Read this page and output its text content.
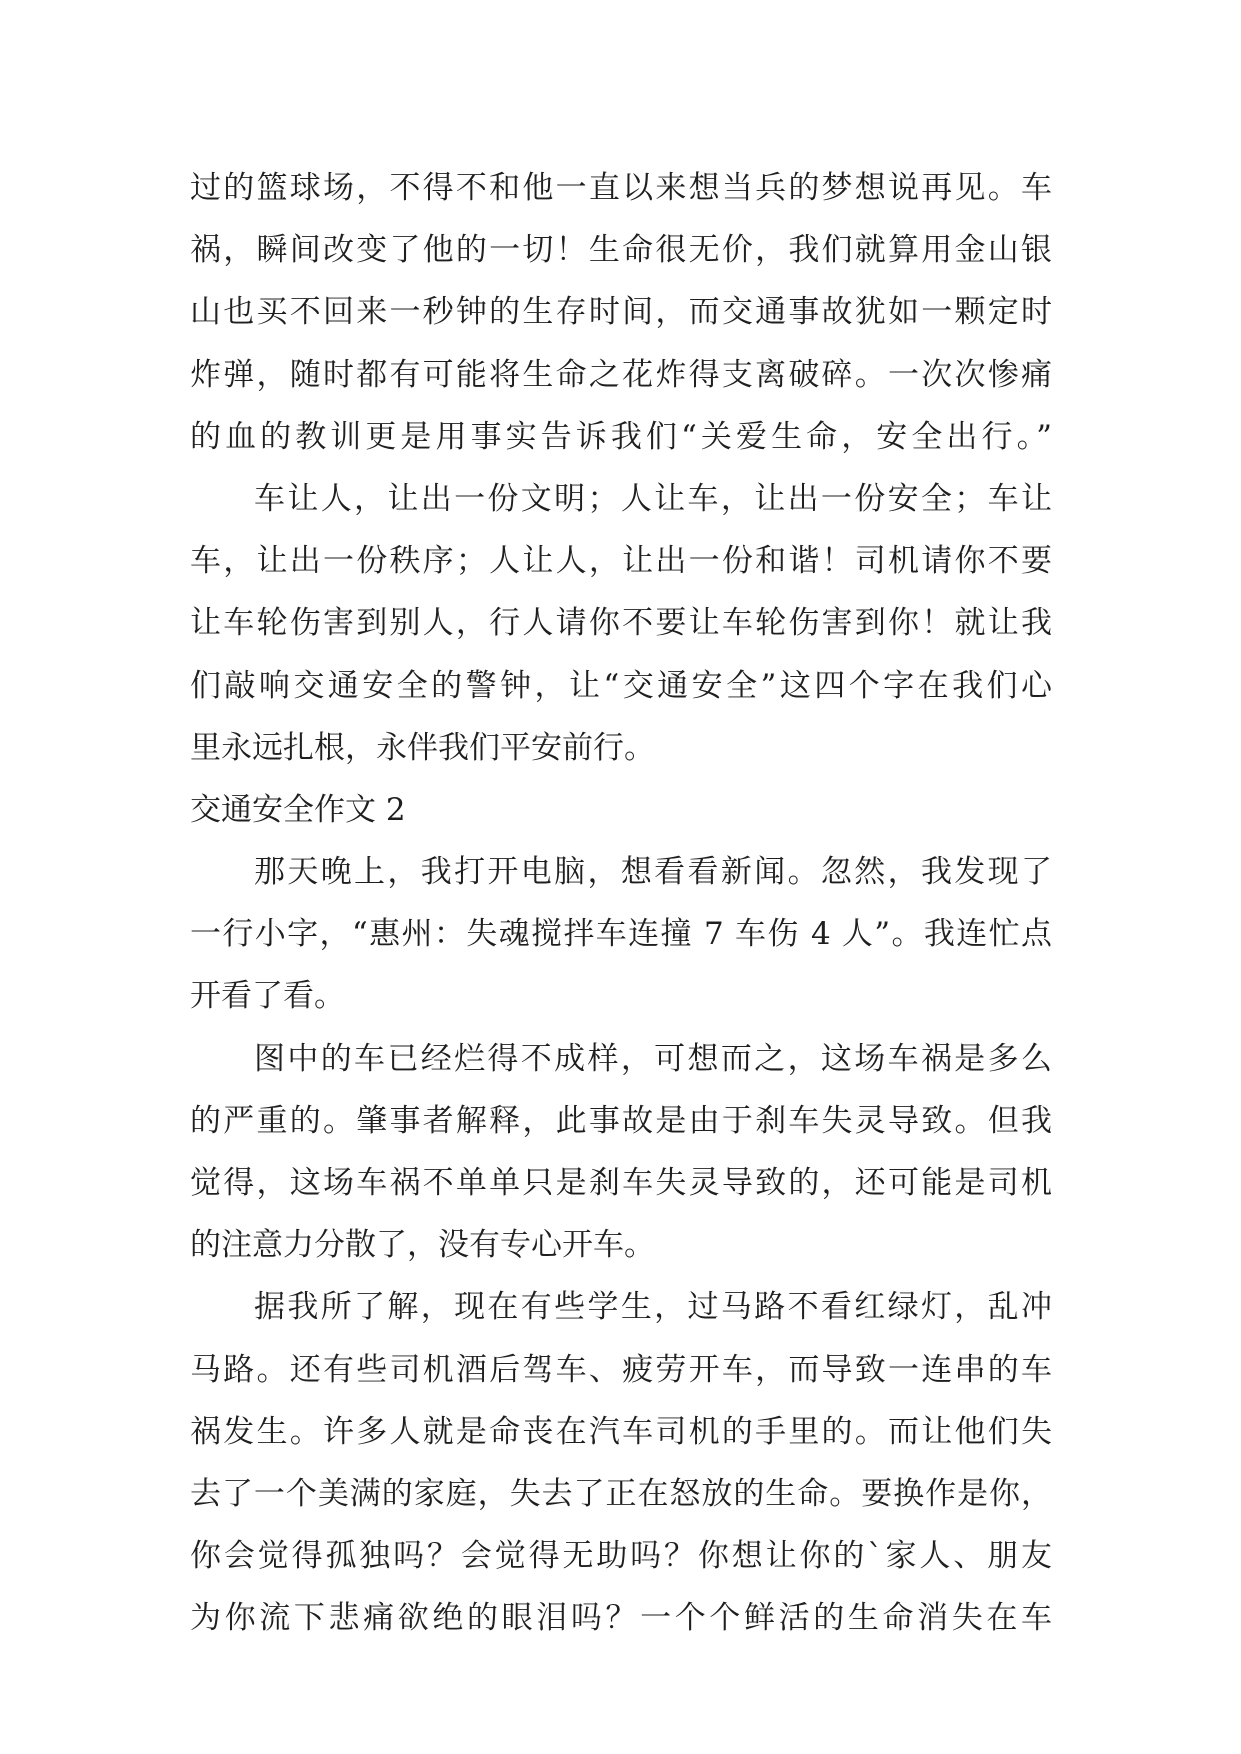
过的篮球场，不得不和他一直以来想当兵的梦想说再见。车
祸，瞬间改变了他的一切！生命很无价，我们就算用金山银
山也买不回来一秒钟的生存时间，而交通事故犹如一颗定时
炸弹，随时都有可能将生命之花炸得支离破碎。一次次惨痛
的血的教训更是用事实告诉我们“关爱生命，安全出行。”
车让人，让出一份文明；人让车，让出一份安全；车让
车，让出一份秩序；人让人，让出一份和谐！司机请你不要
让车轮伤害到别人，行人请你不要让车轮伤害到你！就让我
们敲响交通安全的警钟，让“交通安全”这四个字在我们心
里永远扎根，永伴我们平安前行。
交通安全作文 2
那天晚上，我打开电脑，想看看新闻。忽然，我发现了
一行小字，“惠州：失魂搅拌车连撞 7 车伤 4 人”。我连忙点
开看了看。
图中的车已经烂得不成样，可想而之，这场车祸是多么
的严重的。肇事者解释，此事故是由于刹车失灵导致。但我
觉得，这场车祸不单单只是刹车失灵导致的，还可能是司机
的注意力分散了，没有专心开车。
据我所了解，现在有些学生，过马路不看红绿灯，乱冲
马路。还有些司机酒后驾车、疲劳开车，而导致一连串的车
祸发生。许多人就是命丧在汽车司机的手里的。而让他们失
去了一个美满的家庭，失去了正在怒放的生命。要换作是你，
你会觉得孤独吗？会觉得无助吗？你想让你的`家人、朋友
为你流下悲痛欲绝的眼泪吗？一个个鲜活的生命消失在车
